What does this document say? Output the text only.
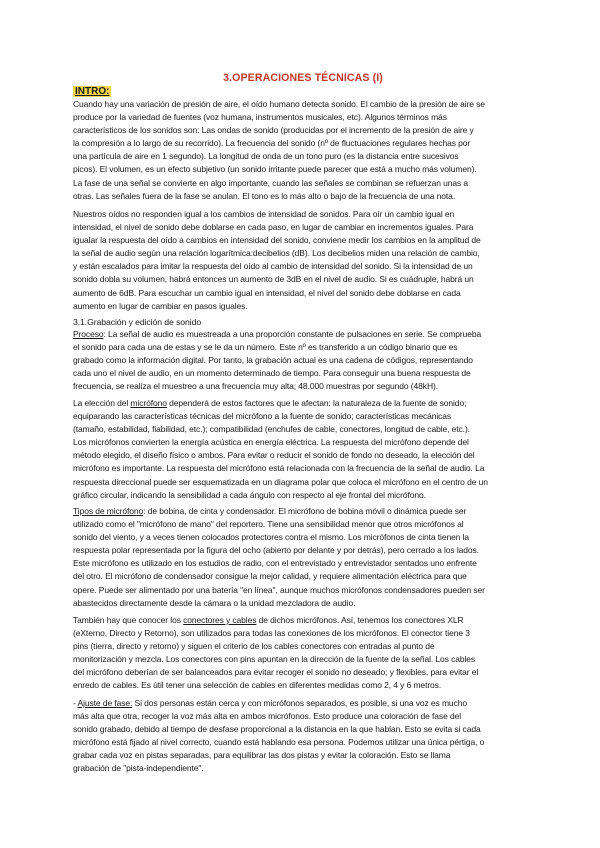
3.OPERACIONES TÉCNICAS (I)
INTRO:
Cuando hay una variación de presión de aire, el oído humano detecta sonido. El cambio de la presión de aire se
produce por la variedad de fuentes (voz humana, instrumentos musicales, etc). Algunos términos más
característicos de los sonidos son: Las ondas de sonido (producidas por el incremento de la presión de aire y
la compresión a lo largo de su recorrido). La frecuencia del sonido (nº de fluctuaciones regulares hechas por
una partícula de aire en 1 segundo). La longitud de onda de un tono puro (es la distancia entre sucesivos
picos). El volumen, es un efecto subjetivo (un sonido irritante puede parecer que está a mucho más volumen).
La fase de una señal se convierte en algo importante, cuando las señales se combinan se refuerzan unas a
otras. Las señales fuera de la fase se anulan. El tono es lo más alto o bajo de la frecuencia de una nota.
Nuestros oídos no responden igual a los cambios de intensidad de sonidos. Para oír un cambio igual en
intensidad, el nivel de sonido debe doblarse en cada paso, en lugar de cambiar en incrementos iguales. Para
igualar la respuesta del oído a cambios en intensidad del sonido, conviene medir los cambios en la amplitud de
la señal de audio según una relación logarítmica:decibelios (dB). Los decibelios miden una relación de cambio,
y están escalados para imitar la respuesta del oído al cambio de intensidad del sonido. Si la intensidad de un
sonido dobla su volumen, habrá entonces un aumento de 3dB en el nivel de audio. Si es cuádruple, habrá un
aumento de 6dB. Para escuchar un cambio igual en intensidad, el nivel del sonido debe doblarse en cada
aumento en lugar de cambiar en pasos iguales.
3.1.Grabación y edición de sonido
Proceso: La señal de audio es muestreada a una proporción constante de pulsaciones en serie. Se comprueba
el sonido para cada una de estas y se le da un número. Este nº es transferido a un código binario que es
grabado como la información digital. Por tanto, la grabación actual es una cadena de códigos, representando
cada uno el nivel de audio, en un momento determinado de tiempo. Para conseguir una buena respuesta de
frecuencia, se realiza el muestreo a una frecuencia muy alta; 48.000 muestras por segundo (48kH).
La elección del micrófono dependerá de estos factores que le afectan: la naturaleza de la fuente de sonido;
equiparando las características técnicas del micrófono a la fuente de sonido; características mecánicas
(tamaño, estabilidad, fiabilidad, etc.); compatibilidad (enchufes de cable, conectores, longitud de cable, etc.).
Los micrófonos convierten la energía acústica en energía eléctrica. La respuesta del micrófono depende del
método elegido, el diseño físico o ambos. Para evitar o reducir el sonido de fondo no deseado, la elección del
micrófono es importante. La respuesta del micrófono está relacionada con la frecuencia de la señal de audio. La
respuesta direccional puede ser esquematizada en un diagrama polar que coloca el micrófono en el centro de un
gráfico circular, indicando la sensibilidad a cada ángulo con respecto al eje frontal del micrófono.
Tipos de micrófono: de bobina, de cinta y condensador. El micrófono de bobina móvil o dinámica puede ser
utilizado como el "micrófono de mano" del reportero. Tiene una sensibilidad menor que otros micrófonos al
sonido del viento, y a veces tienen colocados protectores contra el mismo. Los micrófonos de cinta tienen la
respuesta polar representada por la figura del ocho (abierto por delante y por detrás), pero cerrado a los lados.
Este micrófono es utilizado en los estudios de radio, con el entrevistado y entrevistador sentados uno enfrente
del otro. El micrófono de condensador consigue la mejor calidad, y requiere alimentación eléctrica para que
opere. Puede ser alimentado por una batería "en línea", aunque muchos micrófonos condensadores pueden ser
abastecidos directamente desde la cámara o la unidad mezcladora de audio.
También hay que conocer los conectores y cables de dichos micrófonos. Así, tenemos los conectores XLR
(eXterno, Directo y Retorno), son utilizados para todas las conexiones de los micrófonos. El conector tiene 3
pins (tierra, directo y retorno) y siguen el criterio de los cables conectores con entradas al punto de
monitorización y mezcla. Los conectores con pins apuntan en la dirección de la fuente de la señal. Los cables
del micrófono deberían de ser balanceados para evitar recoger el sonido no deseado; y flexibles, para evitar el
enredo de cables. Es útil tener una selección de cables en diferentes medidas como 2, 4 y 6 metros.
- Ajuste de fase: Si dos personas están cerca y con micrófonos separados, es posible, si una voz es mucho
más alta que otra, recoger la voz más alta en ambos micrófonos. Esto produce una coloración de fase del
sonido grabado, debido al tiempo de desfase proporcional a la distancia en la que hablan. Esto se evita si cada
micrófono está fijado al nivel correcto, cuando está hablando esa persona. Podemos utilizar una única pértiga, o
grabar cada voz en pistas separadas, para equilibrar las dos pistas y evitar la coloración. Esto se llama
grabación de "pista-independiente".
